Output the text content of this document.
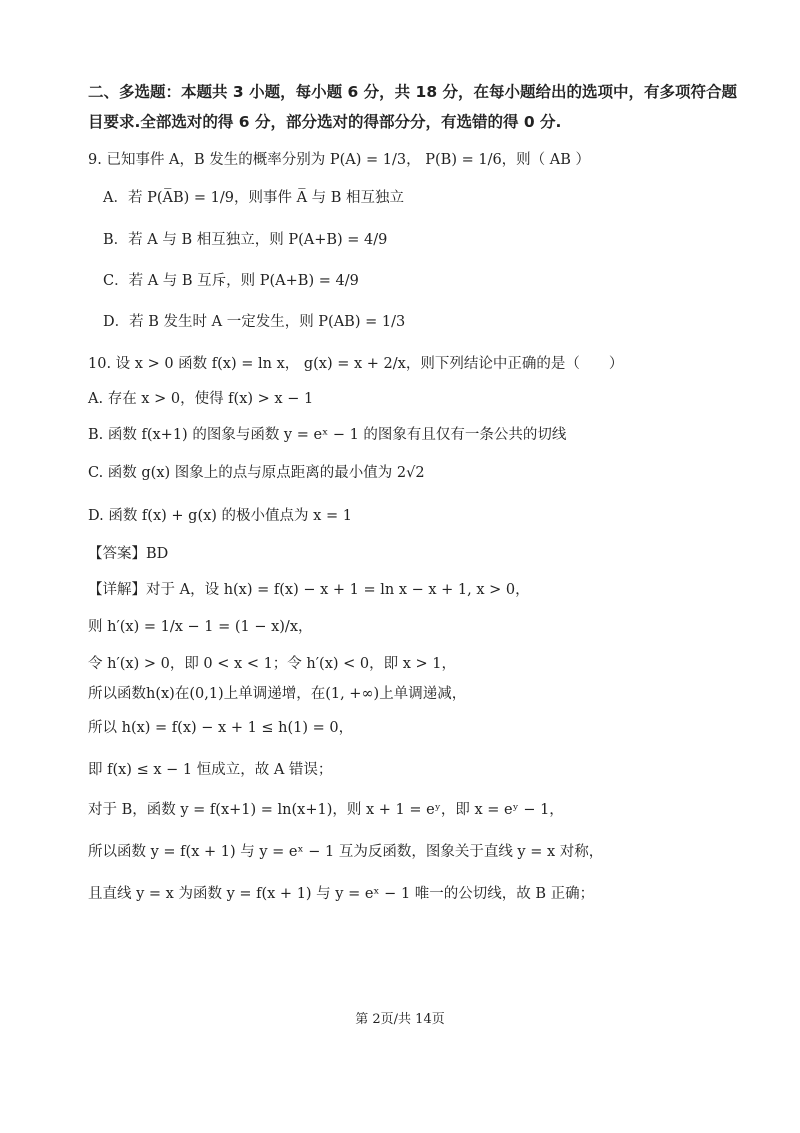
二、多选题：本题共 3 小题，每小题 6 分，共 18 分，在每小题给出的选项中，有多项符合题
目要求.全部选对的得 6 分，部分选对的得部分分，有选错的得 0 分.
9. 已知事件 A，B 发生的概率分别为 P(A) = 1/3， P(B) = 1/6，则（ AB ）
A．若 P(A̅B) = 1/9，则事件 A̅ 与 B 相互独立
B．若 A 与 B 相互独立，则 P(A+B) = 4/9
C．若 A 与 B 互斥，则 P(A+B) = 4/9
D．若 B 发生时 A 一定发生，则 P(AB) = 1/3
10. 设 x > 0 函数 f(x) = ln x， g(x) = x + 2/x，则下列结论中正确的是（　　）
A. 存在 x > 0，使得 f(x) > x − 1
B. 函数 f(x+1) 的图象与函数 y = eˣ − 1 的图象有且仅有一条公共的切线
C. 函数 g(x) 图象上的点与原点距离的最小值为 2√2
D. 函数 f(x) + g(x) 的极小值点为 x = 1
【答案】BD
【详解】对于 A，设 h(x) = f(x) − x + 1 = ln x − x + 1, x > 0，
则 h′(x) = 1/x − 1 = (1 − x)/x，
令 h′(x) > 0，即 0 < x < 1；令 h′(x) < 0，即 x > 1，
所以函数h(x)在(0,1)上单调递增，在(1, +∞)上单调递减，
所以 h(x) = f(x) − x + 1 ≤ h(1) = 0，
即 f(x) ≤ x − 1 恒成立，故 A 错误；
对于 B，函数 y = f(x+1) = ln(x+1)，则 x + 1 = eʸ，即 x = eʸ − 1，
所以函数 y = f(x + 1) 与 y = eˣ − 1 互为反函数，图象关于直线 y = x 对称，
且直线 y = x 为函数 y = f(x + 1) 与 y = eˣ − 1 唯一的公切线，故 B 正确；
第 2页/共 14页
